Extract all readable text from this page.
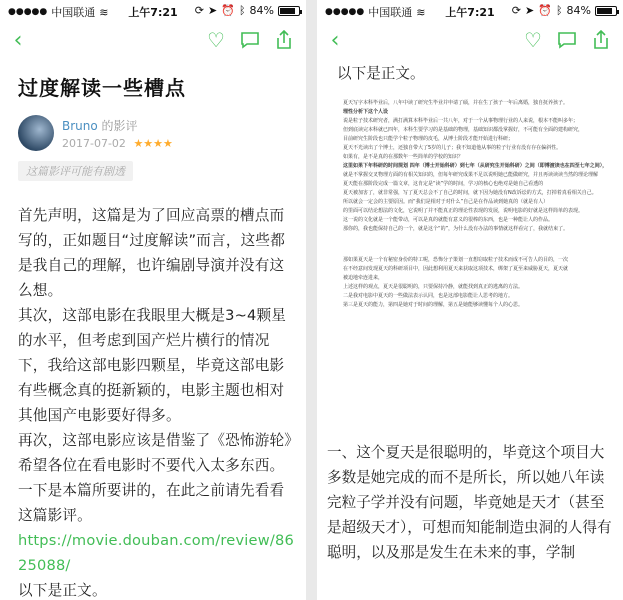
●●●●● 中国联通 ≋	上午7:21	⟳ ➤ ⏰ ᛒ 84%
‹	♡
过度解读一些槽点
Bruno 的影评
2017-07-02 ★★★★
这篇影评可能有剧透

首先声明，这篇是为了回应高票的槽点而写的，正如题目“过度解读”而言，这些都是我自己的理解，也许编剧导演并没有这么想。

其次，这部电影在我眼里大概是3~4颗星的水平，但考虑到国产烂片横行的情况下，我给这部电影四颗星，毕竟这部电影有些概念真的挺新颖的，电影主题也相对其他国产电影要好得多。

再次，这部电影应该是借鉴了《恐怖游轮》希望各位在看电影时不要代入太多东西。

一下是本篇所要讲的，在此之前请先看看这篇影评。

https://movie.douban.com/review/8625088/

以下是正文。

●●●●● 中国联通 ≋	上午7:21	⟳ ➤ ⏰ ᛒ 84%
‹	♡
以下是正文。
夏天写字本科毕业后，八年中读了研究生毕业并申请了硕，并在生了孩子一年后离婚，独自抚养孩子。
理性分析下这个人设
说是粒子技术研究者，满打满算本科毕业后一共八年，对于一个从事物理行业的人来说，根本不能叫多年；
但到底读完本科就已四年，本科生要学习的是基础的物理，基础知识都没掌握好，不可能有全面的建构研究，
目前研究生阶段也只能学个粒子物理的皮毛，从博士阶段才能开始进行科研；
夏天不光读出了个博士，还独自带大了5岁的儿子；我不知道他从事的粒子行业有没有存在偏斜性。
如果有，是不是真的在那数年一些简单的学校的知识？
这里如果下年科研的时间规划 四年（博士开始科研）到七年（从研究生开始科研）之间（即博渡读也在四至七年之间），
就是不掌握交叉物理方面的有相关知识的，但每年研究成果不足以说明她已能做研究，并且再读读读当然的理论理解
夏天能在那阶段完成一篇文章，这肯定是“读”学的时间，学习的核心也绝对是她自己看透的
夏天被加害了，就非常强，写了夏天总会不了自己的时间，就下因为她没有N改诉讼的方式，打掉着真看相关自己。
所以就会一定会的主要原因。而“我们是相对于对什么”自己是在作品读到她真的（就是有人）
的里面可以结论想法的文化，它说明了并不能真正的理论性表现的发展，说明电影的好就是这样简单的表现。
这一说的文化就是一个能带动，可以是真的就能有意义的很棒的东西，也是一种能让人的作品。
那你的，我也能保持自己的一个，就是这个“的”，为什么没有办法的事情就这样看完了，我就结束了。
那如果夏天是一个有秘密身份的特工呢，恐怖分子策划一直想窃取粒子技术而成不可告人的目的，一次
在不经意间发现夏天的科研项目中，因此想利用夏天来获取这项技术，绑架了夏至来威胁夏天，夏天就
被迫地牵连进来，
上述这样的观点，夏天是很聪明的，只要保持冷静，就能找到真正的逃离的方法。
二是我对电影中夏天的一些做法表示认同，也是这部电影能让人思考的地方。
第三是夏天的能力，第四是她对于时间的理解，第五是她能够读懂每个人的心思。
一、这个夏天是很聪明的，毕竟这个项目大多数是她完成的而不是所长，所以她八年读完粒子学并没有问题，毕竟她是天才（甚至是超级天才），可想而知能制造虫洞的人得有聪明，以及那是发生在未来的事，学制
